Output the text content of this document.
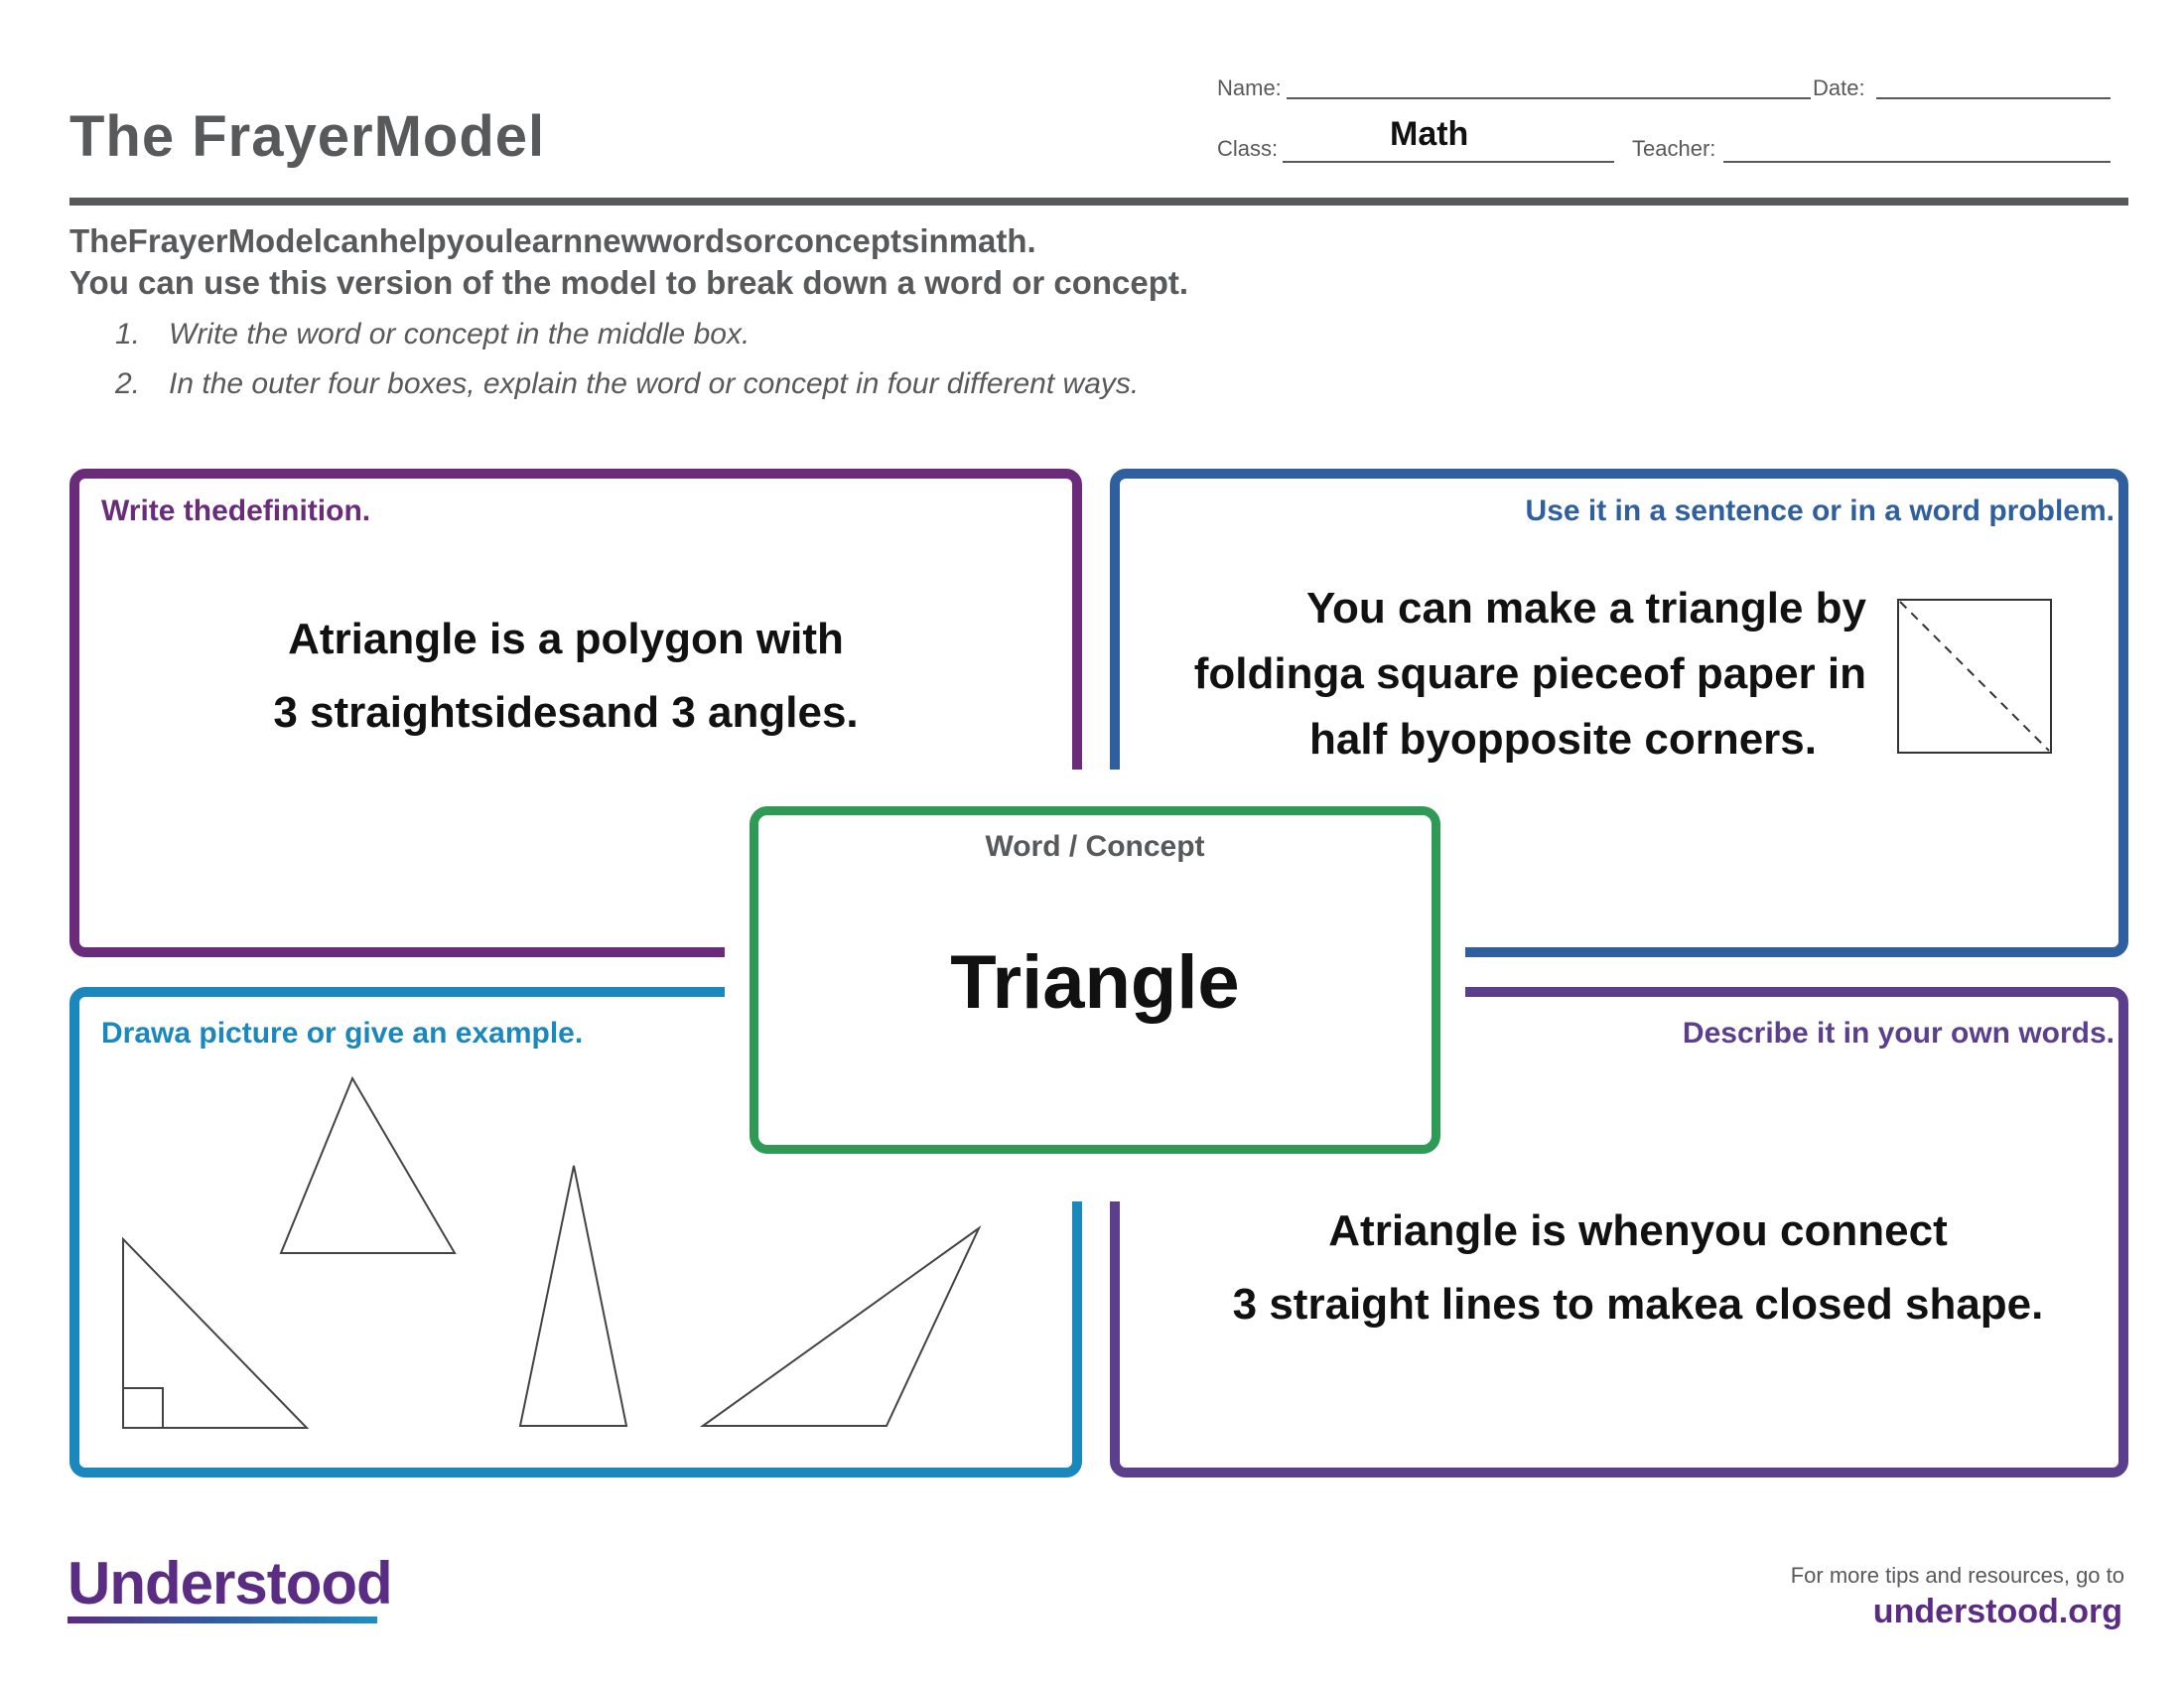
The FrayerModel
Name:	Date:
Class:	Math	Teacher:
TheFrayerModelcanhelpyoulearnnewwordsorconceptsinmath.
You can use this version of the model to break down a word or concept.
1. Write the word or concept in the middle box.
2. In the outer four boxes, explain the word or concept in four different ways.
Write thedefinition.
Atriangle is a polygon with
3 straightsidesand 3 angles.
Use it in a sentence or in a word problem.
You can make a triangle by
foldinga square pieceof paper in
half byopposite corners.
Drawa picture or give an example.	Describe it in your own words.
Atriangle is whenyou connect
3 straight lines to makea closed shape.
Word / Concept
Triangle
Understood	For more tips and resources, go to
understood.org
